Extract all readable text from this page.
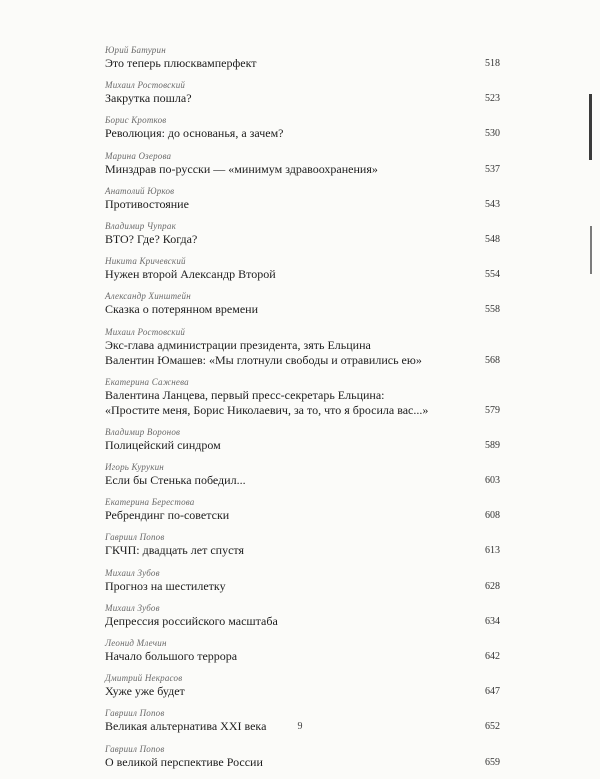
Юрий Батурин
Это теперь плюсквамперфект	518
Михаил Ростовский
Закрутка пошла?	523
Борис Кротков
Революция: до основанья, а зачем?	530
Марина Озерова
Минздрав по-русски — «минимум здравоохранения»	537
Анатолий Юрков
Противостояние	543
Владимир Чупрак
ВТО? Где? Когда?	548
Никита Кричевский
Нужен второй Александр Второй	554
Александр Хинштейн
Сказка о потерянном времени	558
Михаил Ростовский
Экс-глава администрации президента, зять Ельцина
Валентин Юмашев: «Мы глотнули свободы и отравились ею»	568
Екатерина Сажнева
Валентина Ланцева, первый пресс-секретарь Ельцина:
«Простите меня, Борис Николаевич, за то, что я бросила вас...»	579
Владимир Воронов
Полицейский синдром	589
Игорь Курукин
Если бы Стенька победил...	603
Екатерина Берестова
Ребрендинг по-советски	608
Гавриил Попов
ГКЧП: двадцать лет спустя	613
Михаил Зубов
Прогноз на шестилетку	628
Михаил Зубов
Депрессия российского масштаба	634
Леонид Млечин
Начало большого террора	642
Дмитрий Некрасов
Хуже уже будет	647
Гавриил Попов
Великая альтернатива XXI века	652
Гавриил Попов
О великой перспективе России	659
9
